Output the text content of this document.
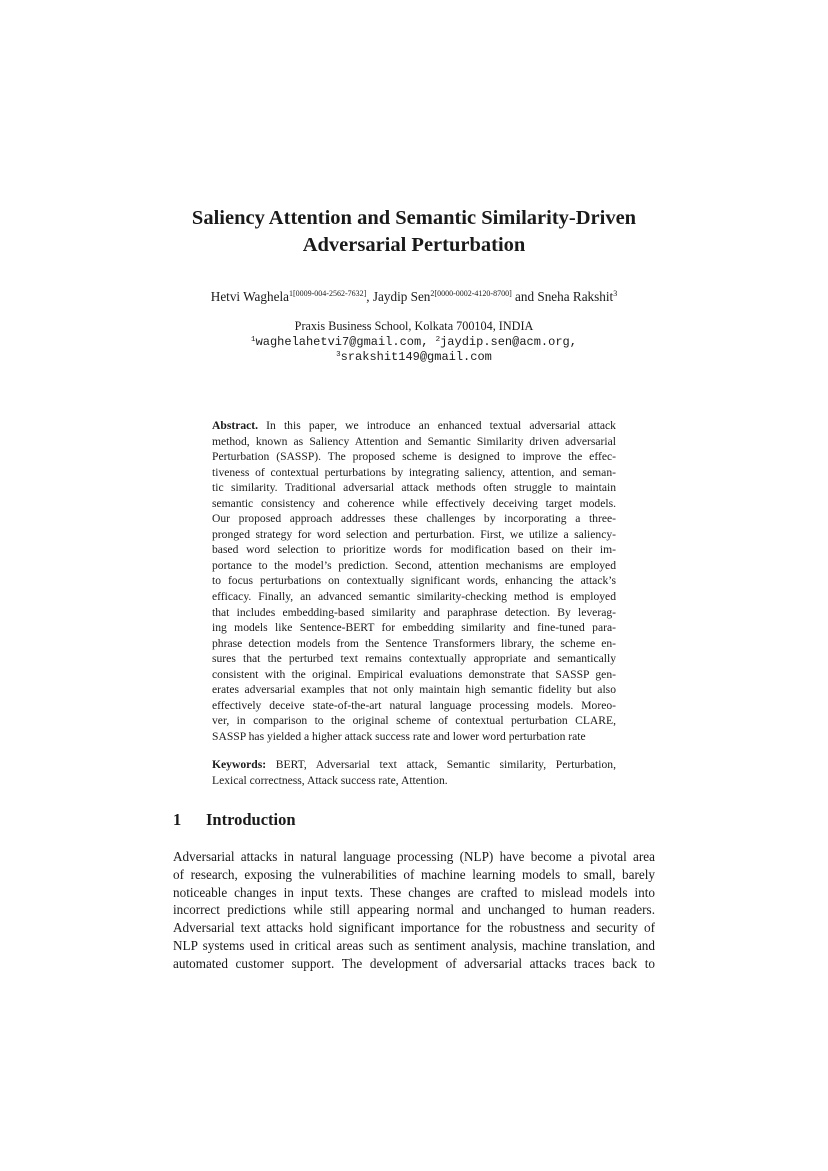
Saliency Attention and Semantic Similarity-Driven
Adversarial Perturbation
Hetvi Waghela$^{1[0009-004-2562-7632]}$, Jaydip Sen$^{2[0000-0002-4120-8700]}$ and Sneha Rakshit$^3$
Praxis Business School, Kolkata 700104, INDIA
$^1$waghelahetvi7@gmail.com, $^2$jaydip.sen@acm.org,
$^3$srakshit149@gmail.com
Abstract. In this paper, we introduce an enhanced textual adversarial attack
method, known as Saliency Attention and Semantic Similarity driven adversarial
Perturbation (SASSP). The proposed scheme is designed to improve the effec-
tiveness of contextual perturbations by integrating saliency, attention, and seman-
tic similarity. Traditional adversarial attack methods often struggle to maintain
semantic consistency and coherence while effectively deceiving target models.
Our proposed approach addresses these challenges by incorporating a three-
pronged strategy for word selection and perturbation. First, we utilize a saliency-
based word selection to prioritize words for modification based on their im-
portance to the model’s prediction. Second, attention mechanisms are employed
to focus perturbations on contextually significant words, enhancing the attack’s
efficacy. Finally, an advanced semantic similarity-checking method is employed
that includes embedding-based similarity and paraphrase detection. By leverag-
ing models like Sentence-BERT for embedding similarity and fine-tuned para-
phrase detection models from the Sentence Transformers library, the scheme en-
sures that the perturbed text remains contextually appropriate and semantically
consistent with the original. Empirical evaluations demonstrate that SASSP gen-
erates adversarial examples that not only maintain high semantic fidelity but also
effectively deceive state-of-the-art natural language processing models. Moreo-
ver, in comparison to the original scheme of contextual perturbation CLARE,
SASSP has yielded a higher attack success rate and lower word perturbation rate
Keywords: BERT, Adversarial text attack, Semantic similarity, Perturbation,
Lexical correctness, Attack success rate, Attention.
1 Introduction
Adversarial attacks in natural language processing (NLP) have become a pivotal area
of research, exposing the vulnerabilities of machine learning models to small, barely
noticeable changes in input texts. These changes are crafted to mislead models into
incorrect predictions while still appearing normal and unchanged to human readers.
Adversarial text attacks hold significant importance for the robustness and security of
NLP systems used in critical areas such as sentiment analysis, machine translation, and
automated customer support. The development of adversarial attacks traces back to
